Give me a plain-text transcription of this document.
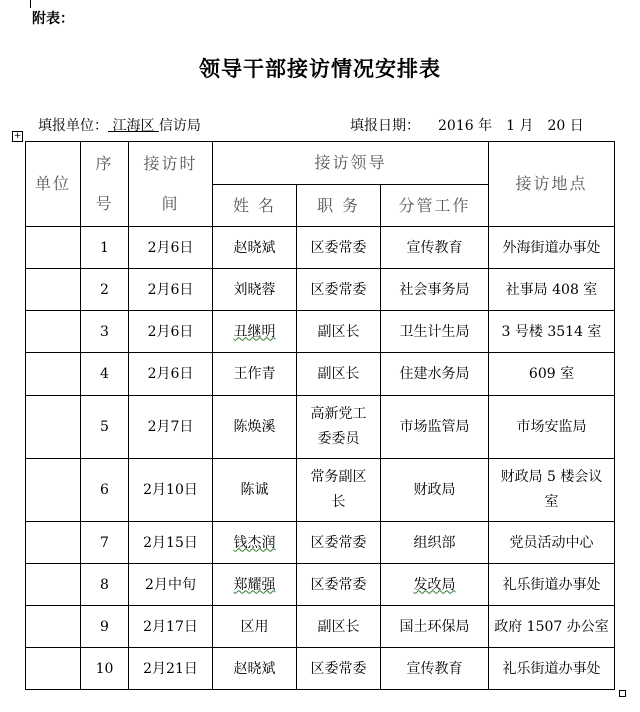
附表：
领导干部接访情况安排表
填报单位： 江海区 信访局	填报日期： 2016 年 1 月 20 日
+
单位	序号	接访时间	接访领导			接访地点
			姓 名	职 务	分管工作	
	1	2月6日	赵晓斌	区委常委	宣传教育	外海街道办事处
	2	2月6日	刘晓蓉	区委常委	社会事务局	社事局 408 室
	3	2月6日	丑继明	副区长	卫生计生局	3 号楼 3514 室
	4	2月6日	王作青	副区长	住建水务局	609 室
	5	2月7日	陈焕溪	高新党工委委员	市场监管局	市场安监局
	6	2月10日	陈诚	常务副区长	财政局	财政局 5 楼会议室
	7	2月15日	钱杰润	区委常委	组织部	党员活动中心
	8	2月中旬	郑耀强	区委常委	发改局	礼乐街道办事处
	9	2月17日	区用	副区长	国土环保局	政府 1507 办公室
	10	2月21日	赵晓斌	区委常委	宣传教育	礼乐街道办事处
